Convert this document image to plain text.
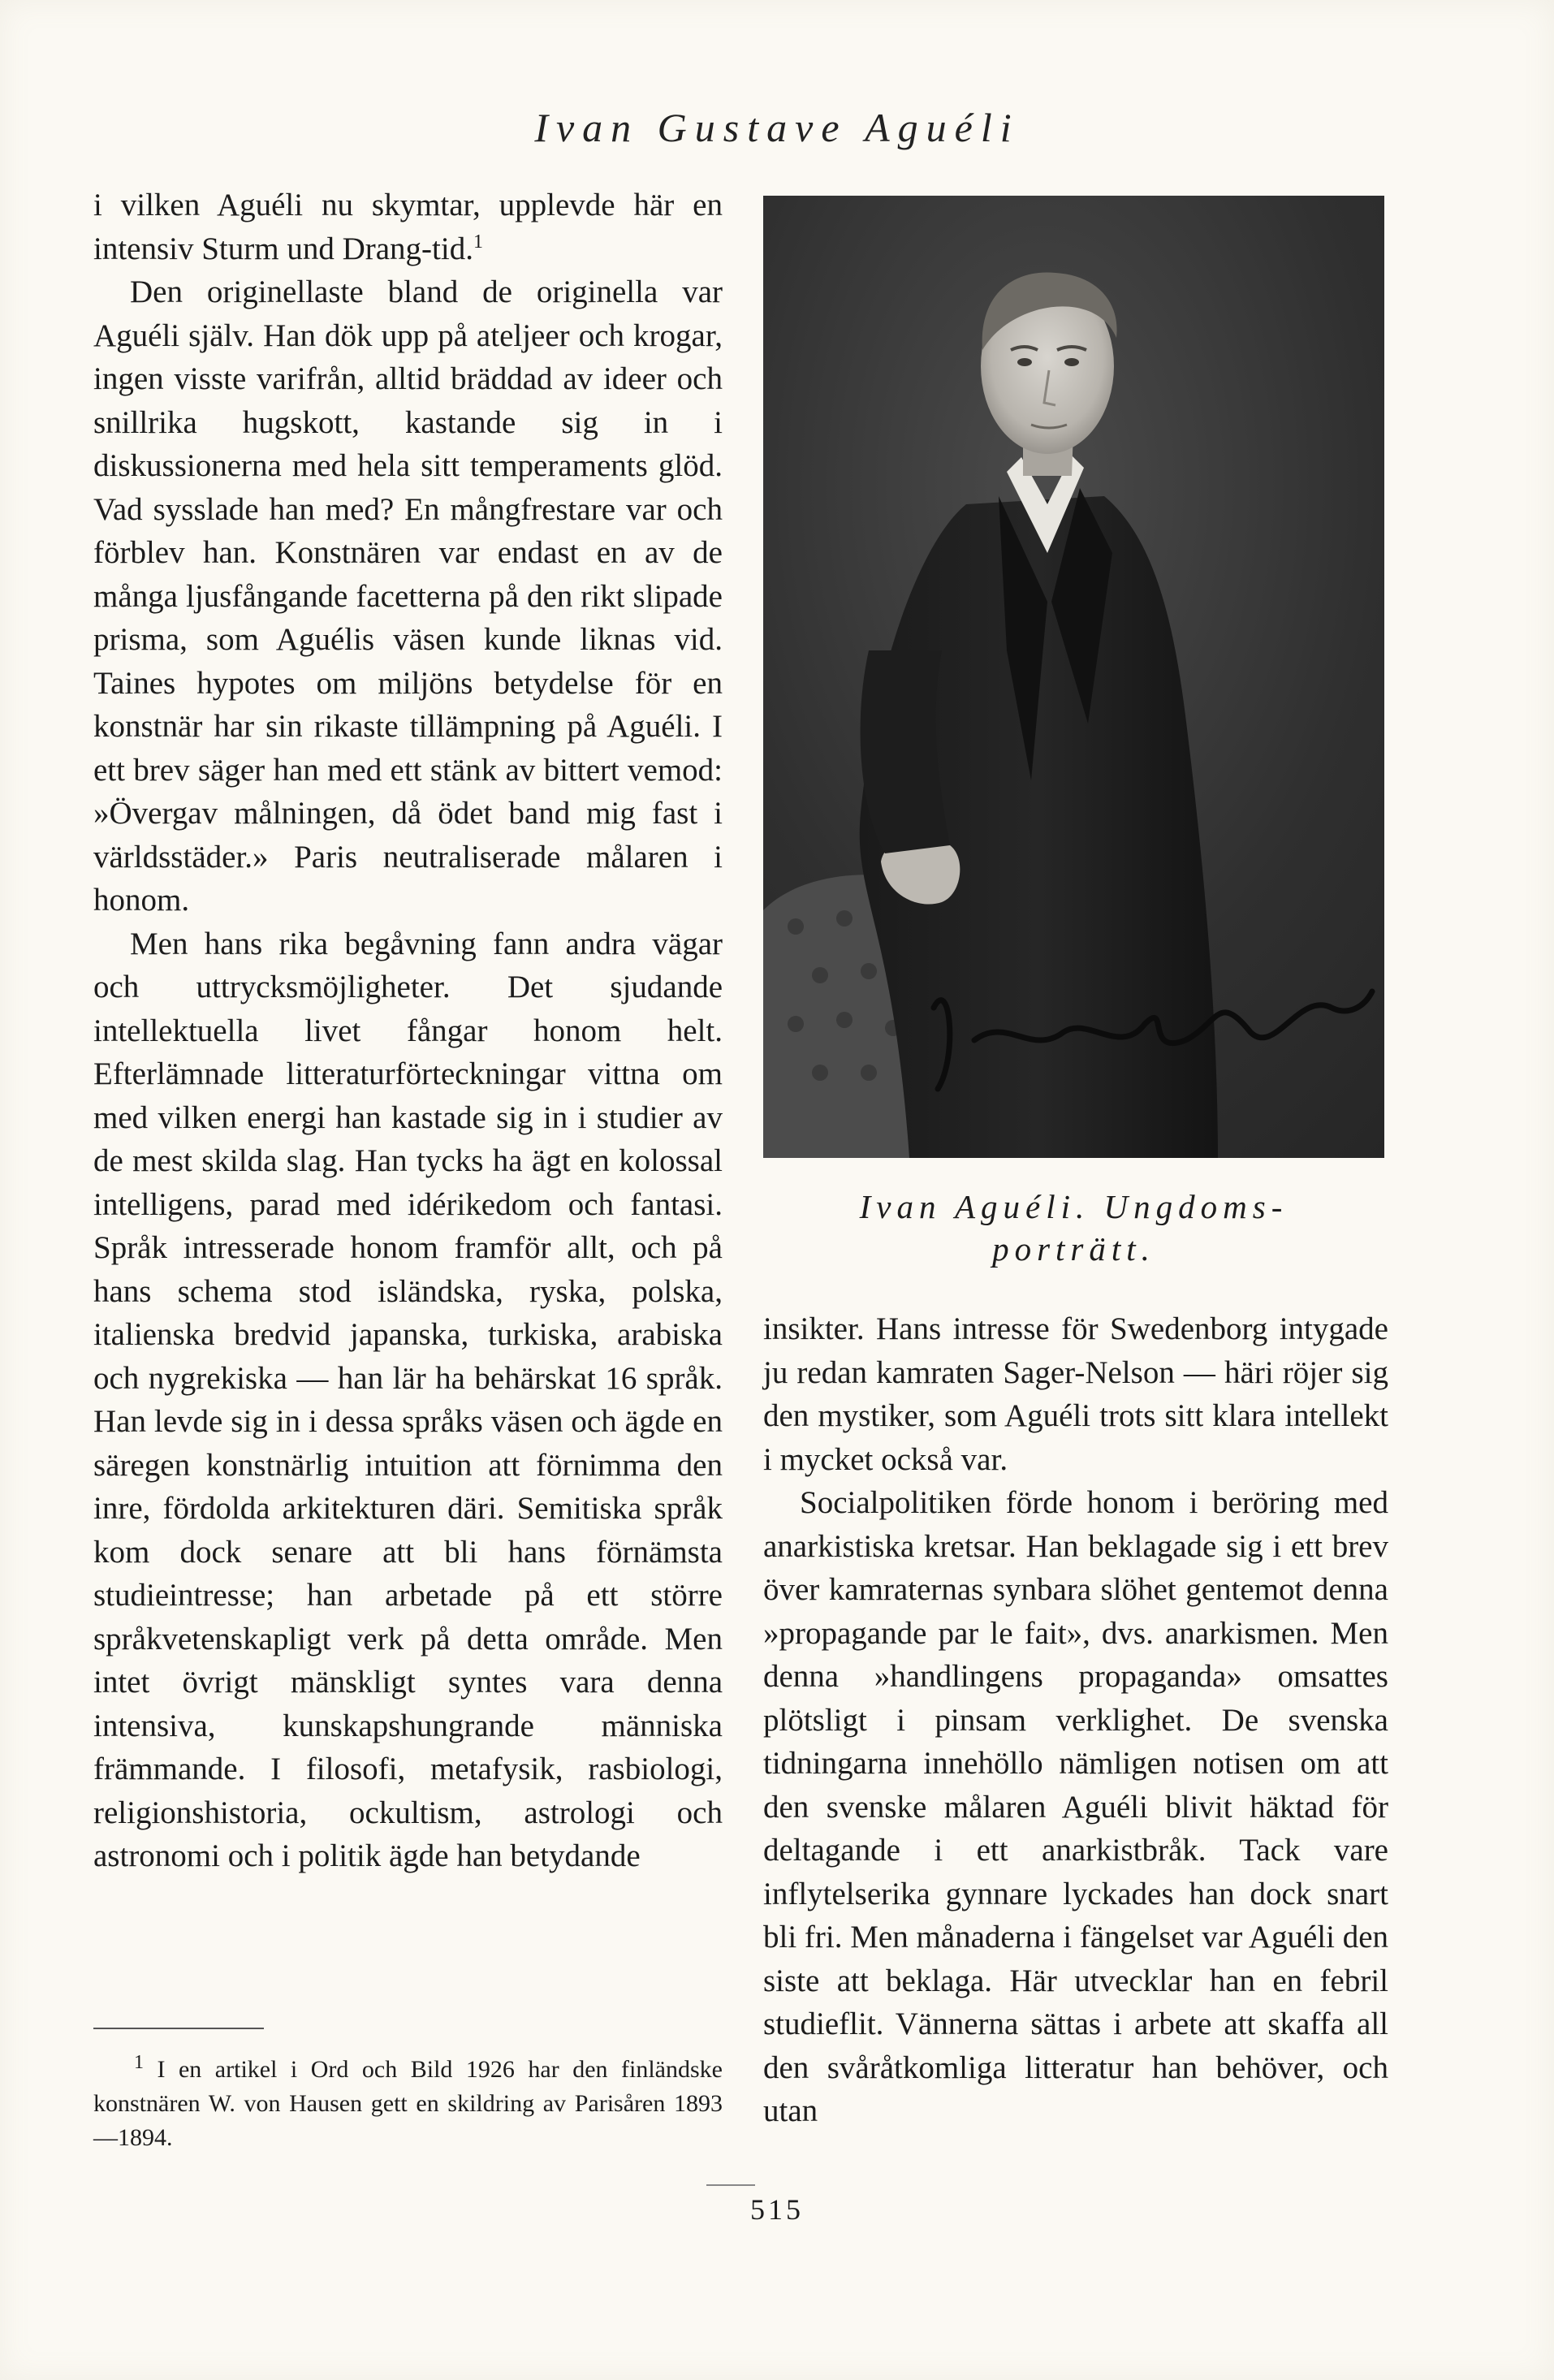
Ivan Gustave Aguéli

i vilken Aguéli nu skymtar, upplevde här en intensiv Sturm und Drang-tid.$^1$

Den originellaste bland de originella var Aguéli själv. Han dök upp på ateljeer och krogar, ingen visste varifrån, alltid bräddad av ideer och snillrika hugskott, kastande sig in i diskussionerna med hela sitt temperaments glöd. Vad sysslade han med? En mångfrestare var och förblev han. Konstnären var endast en av de många ljusfångande facetterna på den rikt slipade prisma, som Aguélis väsen kunde liknas vid. Taines hypotes om miljöns betydelse för en konstnär har sin rikaste tillämpning på Aguéli. I ett brev säger han med ett stänk av bittert vemod: »Övergav målningen, då ödet band mig fast i världsstäder.» Paris neutraliserade målaren i honom.

Men hans rika begåvning fann andra vägar och uttrycksmöjligheter. Det sjudande intellektuella livet fångar honom helt. Efterlämnade litteraturförteckningar vittna om med vilken energi han kastade sig in i studier av de mest skilda slag. Han tycks ha ägt en kolossal intelligens, parad med idérikedom och fantasi. Språk intresserade honom framför allt, och på hans schema stod isländska, ryska, polska, italienska bredvid japanska, turkiska, arabiska och nygrekiska — han lär ha behärskat 16 språk. Han levde sig in i dessa språks väsen och ägde en säregen konstnärlig intuition att förnimma den inre, fördolda arkitekturen däri. Semitiska språk kom dock senare att bli hans förnämsta studieintresse; han arbetade på ett större språkvetenskapligt verk på detta område. Men intet övrigt mänskligt syntes vara denna intensiva, kunskapshungrande människa främmande. I filosofi, metafysik, rasbiologi, religionshistoria, ockultism, astrologi och astronomi och i politik ägde han betydande

$^1$ I en artikel i Ord och Bild 1926 har den finländske konstnären W. von Hausen gett en skildring av Parisåren 1893—1894.

Ivan Aguéli. Ungdoms-
porträtt.

insikter. Hans intresse för Swedenborg intygade ju redan kamraten Sager-Nelson — häri röjer sig den mystiker, som Aguéli trots sitt klara intellekt i mycket också var.

Socialpolitiken förde honom i beröring med anarkistiska kretsar. Han beklagade sig i ett brev över kamraternas synbara slöhet gentemot denna »propagande par le fait», dvs. anarkismen. Men denna »handlingens propaganda» omsattes plötsligt i pinsam verklighet. De svenska tidningarna innehöllo nämligen notisen om att den svenske målaren Aguéli blivit häktad för deltagande i ett anarkistbråk. Tack vare inflytelserika gynnare lyckades han dock snart bli fri. Men månaderna i fängelset var Aguéli den siste att beklaga. Här utvecklar han en febril studieflit. Vännerna sättas i arbete att skaffa all den svåråtkomliga litteratur han behöver, och utan

515
